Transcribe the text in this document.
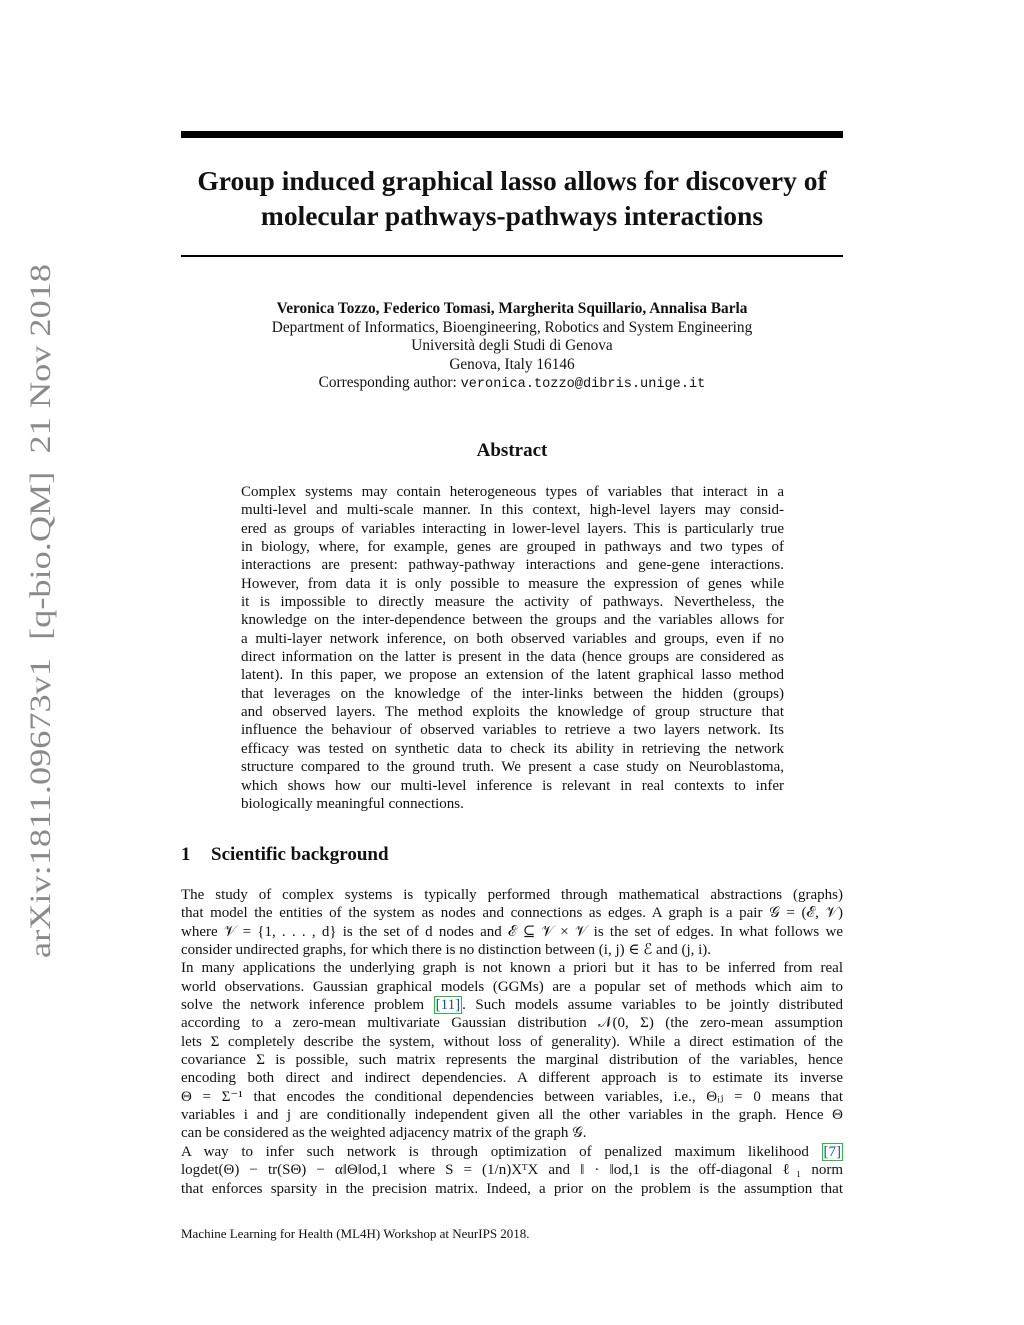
arXiv:1811.09673v1  [q-bio.QM]  21 Nov 2018
Group induced graphical lasso allows for discovery of
molecular pathways-pathways interactions
Veronica Tozzo, Federico Tomasi, Margherita Squillario, Annalisa Barla
Department of Informatics, Bioengineering, Robotics and System Engineering
Università degli Studi di Genova
Genova, Italy 16146
Corresponding author: veronica.tozzo@dibris.unige.it
Abstract
Complex systems may contain heterogeneous types of variables that interact in a
multi-level and multi-scale manner. In this context, high-level layers may consid-
ered as groups of variables interacting in lower-level layers. This is particularly true
in biology, where, for example, genes are grouped in pathways and two types of
interactions are present: pathway-pathway interactions and gene-gene interactions.
However, from data it is only possible to measure the expression of genes while
it is impossible to directly measure the activity of pathways. Nevertheless, the
knowledge on the inter-dependence between the groups and the variables allows for
a multi-layer network inference, on both observed variables and groups, even if no
direct information on the latter is present in the data (hence groups are considered as
latent). In this paper, we propose an extension of the latent graphical lasso method
that leverages on the knowledge of the inter-links between the hidden (groups)
and observed layers. The method exploits the knowledge of group structure that
influence the behaviour of observed variables to retrieve a two layers network. Its
efficacy was tested on synthetic data to check its ability in retrieving the network
structure compared to the ground truth. We present a case study on Neuroblastoma,
which shows how our multi-level inference is relevant in real contexts to infer
biologically meaningful connections.
1 Scientific background
The study of complex systems is typically performed through mathematical abstractions (graphs)
that model the entities of the system as nodes and connections as edges. A graph is a pair 𝒢 = (ℰ, 𝒱)
where 𝒱 = {1, . . . , d} is the set of d nodes and ℰ ⊆ 𝒱 × 𝒱 is the set of edges. In what follows we
consider undirected graphs, for which there is no distinction between (i, j) ∈ ℰ and (j, i).
In many applications the underlying graph is not known a priori but it has to be inferred from real
world observations. Gaussian graphical models (GGMs) are a popular set of methods which aim to
solve the network inference problem [11] . Such models assume variables to be jointly distributed
according to a zero-mean multivariate Gaussian distribution 𝒩(0, Σ) (the zero-mean assumption
lets Σ completely describe the system, without loss of generality). While a direct estimation of the
covariance Σ is possible, such matrix represents the marginal distribution of the variables, hence
encoding both direct and indirect dependencies. A different approach is to estimate its inverse
Θ = Σ⁻¹ that encodes the conditional dependencies between variables, i.e., Θᵢⱼ = 0 means that
variables i and j are conditionally independent given all the other variables in the graph. Hence Θ
can be considered as the weighted adjacency matrix of the graph 𝒢.
A way to infer such network is through optimization of penalized maximum likelihood [7]
logdet(Θ) − tr(SΘ) − α‖Θ‖od,1 where S = (1/n)XᵀX and ‖ · ‖od,1 is the off-diagonal ℓ₁ norm
that enforces sparsity in the precision matrix. Indeed, a prior on the problem is the assumption that
Machine Learning for Health (ML4H) Workshop at NeurIPS 2018.
